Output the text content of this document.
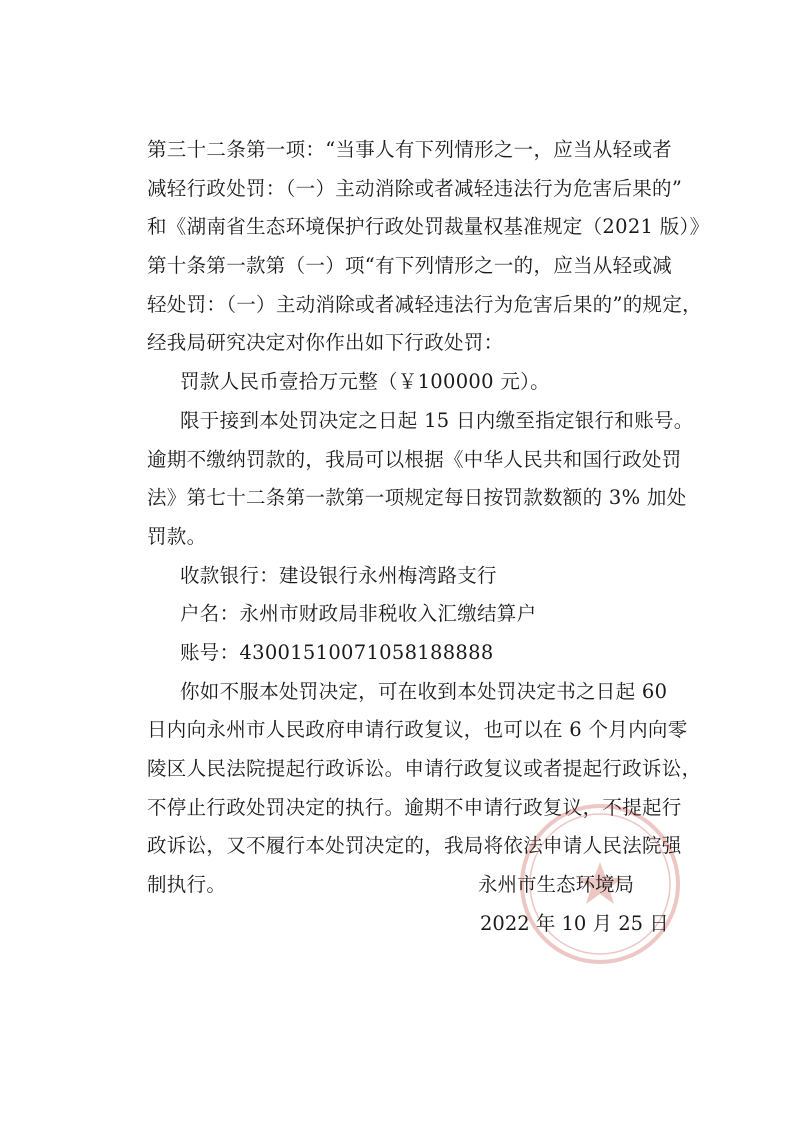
第三十二条第一项：“当事人有下列情形之一，应当从轻或者
减轻行政处罚：（一）主动消除或者减轻违法行为危害后果的”
和《湖南省生态环境保护行政处罚裁量权基准规定（2021 版）》
第十条第一款第（一）项“有下列情形之一的，应当从轻或减
轻处罚：（一）主动消除或者减轻违法行为危害后果的”的规定，
经我局研究决定对你作出如下行政处罚：
罚款人民币壹拾万元整（￥100000 元）。
限于接到本处罚决定之日起 15 日内缴至指定银行和账号。
逾期不缴纳罚款的，我局可以根据《中华人民共和国行政处罚
法》第七十二条第一款第一项规定每日按罚款数额的 3% 加处
罚款。
收款银行：建设银行永州梅湾路支行
户名：永州市财政局非税收入汇缴结算户
账号：43001510071058188888
你如不服本处罚决定，可在收到本处罚决定书之日起 60
日内向永州市人民政府申请行政复议，也可以在 6 个月内向零
陵区人民法院提起行政诉讼。申请行政复议或者提起行政诉讼，
不停止行政处罚决定的执行。逾期不申请行政复议，不提起行
政诉讼，又不履行本处罚决定的，我局将依法申请人民法院强
制执行。	永州市生态环境局
2022 年 10 月 25 日
